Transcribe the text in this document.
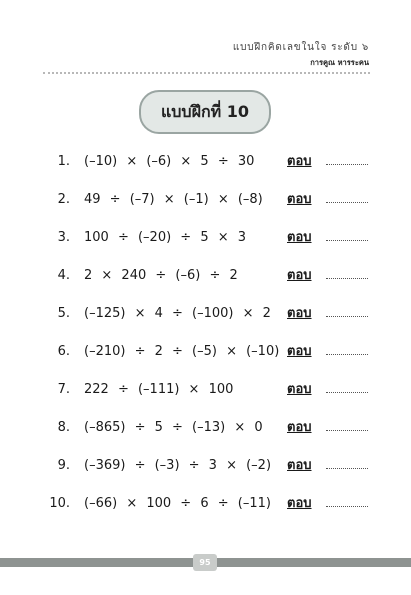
แบบฝึกคิดเลขในใจ ระดับ ๖
การคูณ หารระคน
แบบฝึกที่ 10
1. (–10) × (–6) × 5 ÷ 30	ตอบ
2. 49 ÷ (–7) × (–1) × (–8) ตอบ
3. 100 ÷ (–20) ÷ 5 × 3	ตอบ
4. 2 × 240 ÷ (–6) ÷ 2	ตอบ
5. (–125) × 4 ÷ (–100) × 2 ตอบ
6. (–210) ÷ 2 ÷ (–5) × (–10) ตอบ
7. 222 ÷ (–111) × 100	ตอบ
8. (–865) ÷ 5 ÷ (–13) × 0 ตอบ
9. (–369) ÷ (–3) ÷ 3 × (–2) ตอบ
10. (–66) × 100 ÷ 6 ÷ (–11) ตอบ
95
